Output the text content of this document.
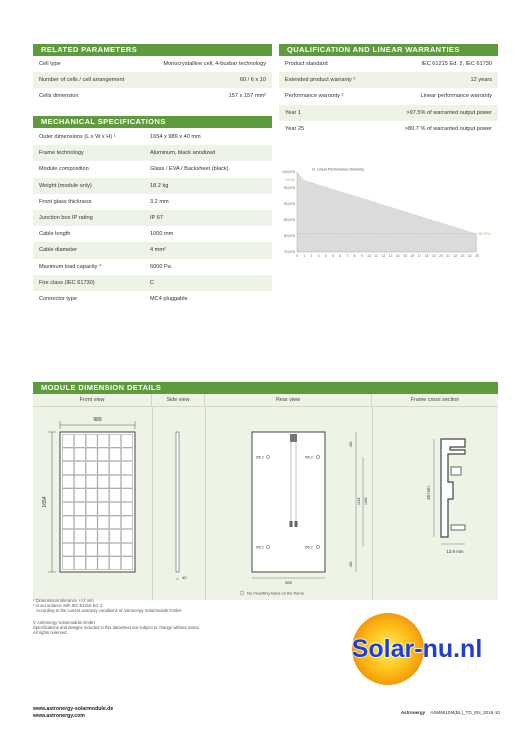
RELATED PARAMETERS
Cell type	Monocrystalline cell, 4-busbar technology
Number of cells / cell arrangement	60 / 6 x 10
Cells dimension	157 x 157 mm²
QUALIFICATION AND LINEAR WARRANTIES
Product standard	IEC 61215 Ed. 2, IEC 61730
Extended product warranty ²	12 years
Performance warranty ²	Linear performance warranty
Year 1	>97.5% of warranted output power
Year 25	>80.7 % of warranted output power
MECHANICAL SPECIFICATIONS
Outer dimensions (L x W x H) ¹	1654 x 989 x 40 mm
Frame technology	Aluminum, black anodized
Module composition	Glass / EVA / Backsheet (black)
Weight (module only)	18.2 kg
Front glass thickness	3.2 mm
Junction box IP rating	IP 67
Cable length	1000 mm
Cable diameter	4 mm²
Maximum load capacity ⁴	6000 Pa
Fire class (IEC 61730)	C
Connector type	MC4 pluggable
100,00%
97,5%
95,00%
90,00%
85,00%
80,00%
75,00%
80,70%
0 1 2 3 4 5 6 7 8 9 10 11 12 13 14 15 16 17 18 19 20 21 22 23 24 25
Linear Performance Warranty
MODULE DIMENSION DETAILS
Front view	Side view	Rear view	Frame cross section
989
1654
40
Ø5.2	Ø5.2
Ø5.2	Ø5.2
280
1134 1654
280
989
No mounting holes on the frame.
40 mm
13.9 mm
¹ Dimensional tolerance +/-2 mm
² In accordance with IEC 61215 Ed. 2
According to the current warranty conditions of Astronergy Solarmodule GmbH
© Astronergy Solarmodule GmbH
Specifications and designs included in this datasheet are subject to change without notice.
All rights reserved.
Solar-nu.nl
www.astronergy-solarmodule.de
www.astronergy.com	Astronergy ASM6610M(BL)_TD_EN_2016-10
